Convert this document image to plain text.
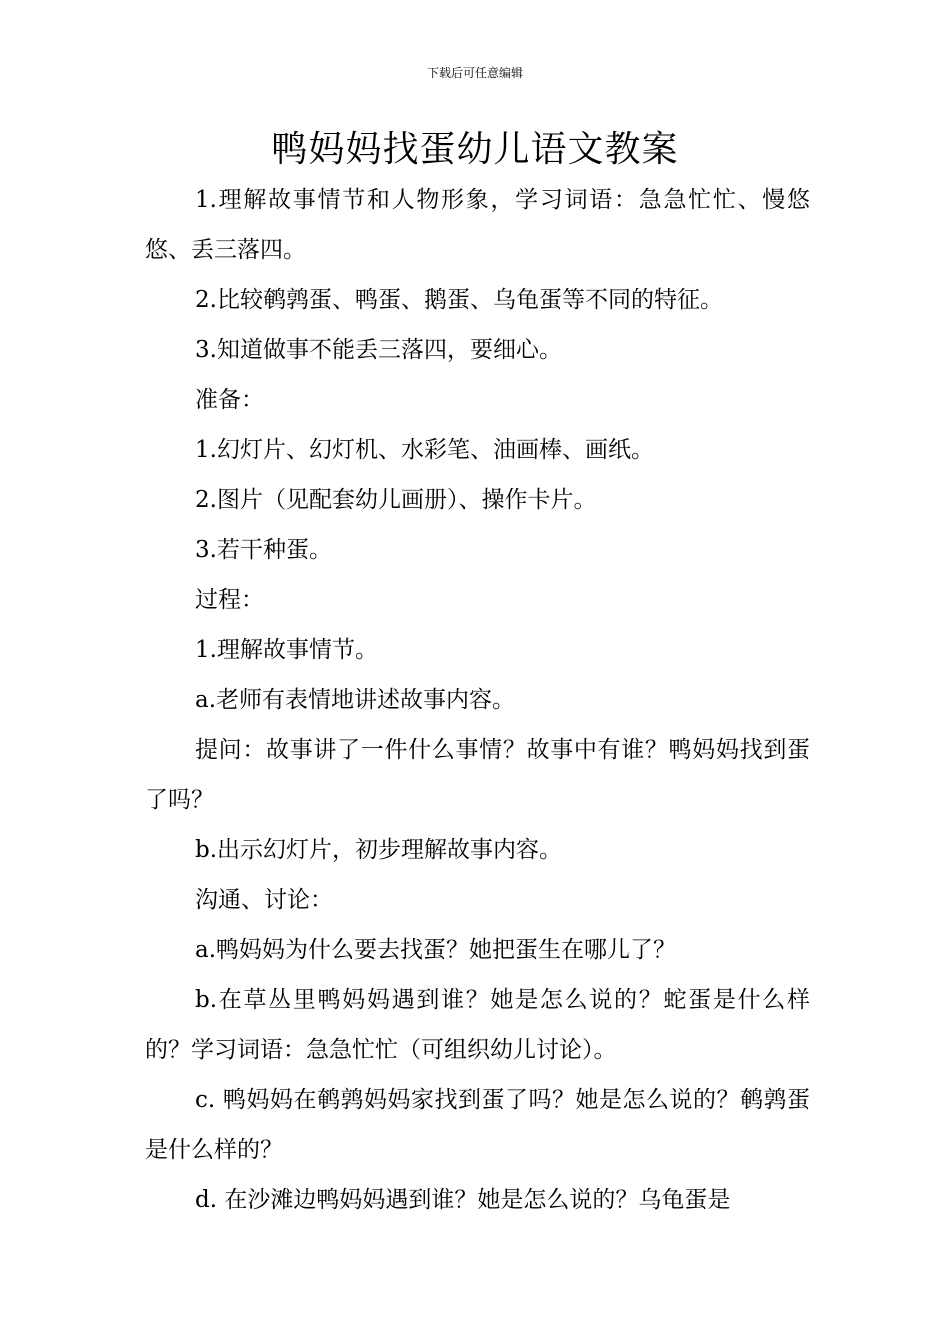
下载后可任意编辑
鸭妈妈找蛋幼儿语文教案

1.理解故事情节和人物形象，学习词语：急急忙忙、慢悠悠、丢三落四。

2.比较鹌鹑蛋、鸭蛋、鹅蛋、乌龟蛋等不同的特征。

3.知道做事不能丢三落四，要细心。

准备：

1.幻灯片、幻灯机、水彩笔、油画棒、画纸。

2.图片（见配套幼儿画册）、操作卡片。

3.若干种蛋。

过程：

1.理解故事情节。

a.老师有表情地讲述故事内容。

提问：故事讲了一件什么事情？故事中有谁？鸭妈妈找到蛋了吗？

b.出示幻灯片，初步理解故事内容。

沟通、讨论：

a.鸭妈妈为什么要去找蛋？她把蛋生在哪儿了？

b.在草丛里鸭妈妈遇到谁？她是怎么说的？蛇蛋是什么样的？学习词语：急急忙忙（可组织幼儿讨论）。

c. 鸭妈妈在鹌鹑妈妈家找到蛋了吗？她是怎么说的？鹌鹑蛋是什么样的？

d. 在沙滩边鸭妈妈遇到谁？她是怎么说的？乌龟蛋是
